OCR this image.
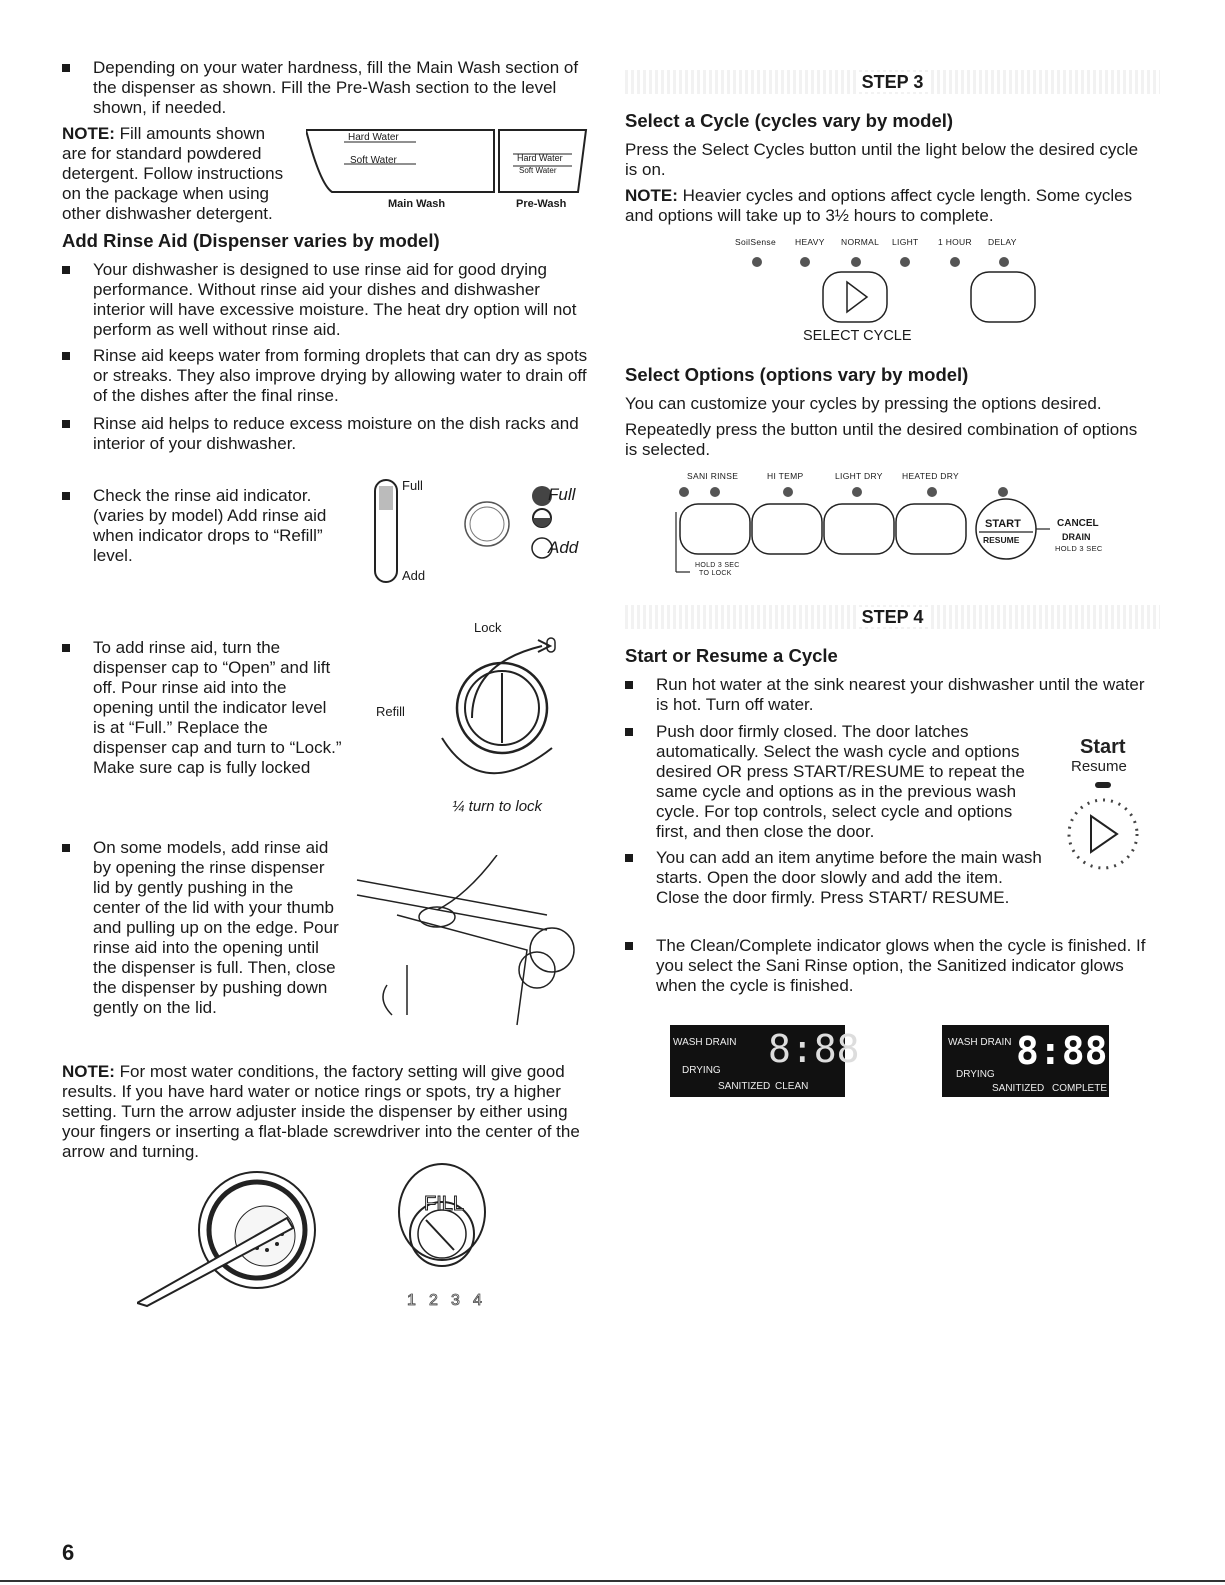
Depending on your water hardness, fill the Main Wash section of the dispenser as shown. Fill the Pre-Wash section to the level shown, if needed.
NOTE: Fill amounts shown are for standard powdered detergent. Follow instructions on the package when using other dishwasher detergent.
Hard Water
Soft Water	Hard Water
Soft Water
Main Wash	Pre-Wash
Add Rinse Aid (Dispenser varies by model)
Your dishwasher is designed to use rinse aid for good drying performance. Without rinse aid your dishes and dishwasher interior will have excessive moisture. The heat dry option will not perform as well without rinse aid.
Rinse aid keeps water from forming droplets that can dry as spots or streaks. They also improve drying by allowing water to drain off of the dishes after the final rinse.
Rinse aid helps to reduce excess moisture on the dish racks and interior of your dishwasher.
Check the rinse aid indicator. (varies by model) Add rinse aid when indicator drops to “Refill” level.
Full
Add
Full
Add
To add rinse aid, turn the dispenser cap to “Open” and lift off. Pour rinse aid into the opening until the indicator level is at “Full.” Replace the dispenser cap and turn to “Lock.” Make sure cap is fully locked
Lock
Refill
¼ turn to lock
On some models, add rinse aid by opening the rinse dispenser lid by gently pushing in the center of the lid with your thumb and pulling up on the edge. Pour rinse aid into the opening until the dispenser is full. Then, close the dispenser by pushing down gently on the lid.
NOTE: For most water conditions, the factory setting will give good results. If you have hard water or notice rings or spots, try a higher setting. Turn the arrow adjuster inside the dispenser by either using your fingers or inserting a flat-blade screwdriver into the center of the arrow and turning.
FILL
1 2 3 4
STEP 3
Select a Cycle (cycles vary by model)
Press the Select Cycles button until the light below the desired cycle is on.
NOTE: Heavier cycles and options affect cycle length. Some cycles and options will take up to 3½ hours to complete.
SoilSense HEAVY NORMAL LIGHT 1 HOUR DELAY
SELECT CYCLE
Select Options (options vary by model)
You can customize your cycles by pressing the options desired.
Repeatedly press the button until the desired combination of options is selected.
SANI RINSE	HI TEMP	LIGHT DRY HEATED DRY
START
RESUME
CANCEL
DRAIN
HOLD 3 SEC
HOLD 3 SEC
TO LOCK
STEP 4
Start or Resume a Cycle
Run hot water at the sink nearest your dishwasher until the water is hot. Turn off water.
Push door firmly closed. The door latches automatically. Select the wash cycle and options desired OR press START/RESUME to repeat the same cycle and options as in the previous wash cycle. For top controls, select cycle and options first, and then close the door.
You can add an item anytime before the main wash starts. Open the door slowly and add the item. Close the door firmly. Press START/ RESUME.
The Clean/Complete indicator glows when the cycle is finished. If you select the Sani Rinse option, the Sanitized indicator glows when the cycle is finished.
Start
Resume
WASH DRAIN
DRYING
SANITIZED CLEAN
8:88	WASH DRAIN
DRYING
SANITIZED COMPLETE
8:88
6
